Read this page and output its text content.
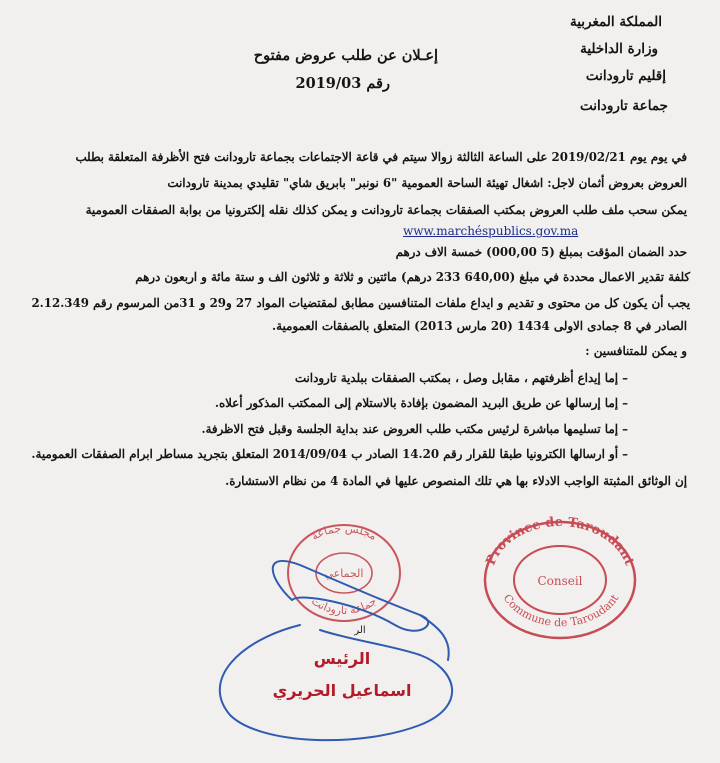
المملكة المغربية
وزارة الداخلية
إقليم تارودانت
جماعة تارودانت
إعـلان عن طلب عروض مفتوح
رقم 2019/03
في يوم يوم 2019/02/21 على الساعة الثالثة زوالا سيتم في قاعة الاجتماعات بجماعة تارودانت فتح الأظرفة المتعلقة بطلب
العروض بعروض أثمان لاجل: اشغال تهيئة الساحة العمومية "6 نونبر" بابريق شاي" تقليدي بمدينة تارودانت
يمكن سحب ملف طلب العروض بمكتب الصفقات بجماعة تارودانت و يمكن كذلك نقله إلكترونيا من بوابة الصفقات العمومية
www.marchéspublics.gov.ma
حدد الضمان المؤقت بمبلغ (5 000,00) خمسة الاف درهم
كلفة تقدير الاعمال محددة في مبلغ (640,00 233 درهم) مائتين و ثلاثة و ثلاثون الف و ستة مائة و اربعون درهم
يجب أن يكون كل من محتوى و تقديم و ايداع ملفات المتنافسين مطابق لمقتضيات المواد 27 و29 و 31من المرسوم رقم 2.12.349
الصادر في 8 جمادى الاولى 1434 (20 مارس 2013) المتعلق بالصفقات العمومية.
و يمكن للمتنافسين :
– إما إيداع أظرفتهم ، مقابل وصل ، بمكتب الصفقات ببلدية تارودانت
– إما إرسالها عن طريق البريد المضمون بإفادة بالاستلام إلى الممكتب المذكور أعلاه.
– إما تسليمها مباشرة لرئيس مكتب طلب العروض عند بداية الجلسة وقبل فتح الاظرفة.
– أو ارسالها الكترونيا طبقا للقرار رقم 14.20 الصادر ب 2014/09/04 المتعلق بتجريد مساطر ابرام الصفقات العمومية.
إن الوثائق المثبتة الواجب الادلاء بها هي تلك المنصوص عليها في المادة 4 من نظام الاستشارة.
Province de Taroudant
Commune de Taroudant
Conseil
مجلس جماعة
الجماعي
جماعة تارودانت
الر
الرئيس
اسماعيل الحريري
